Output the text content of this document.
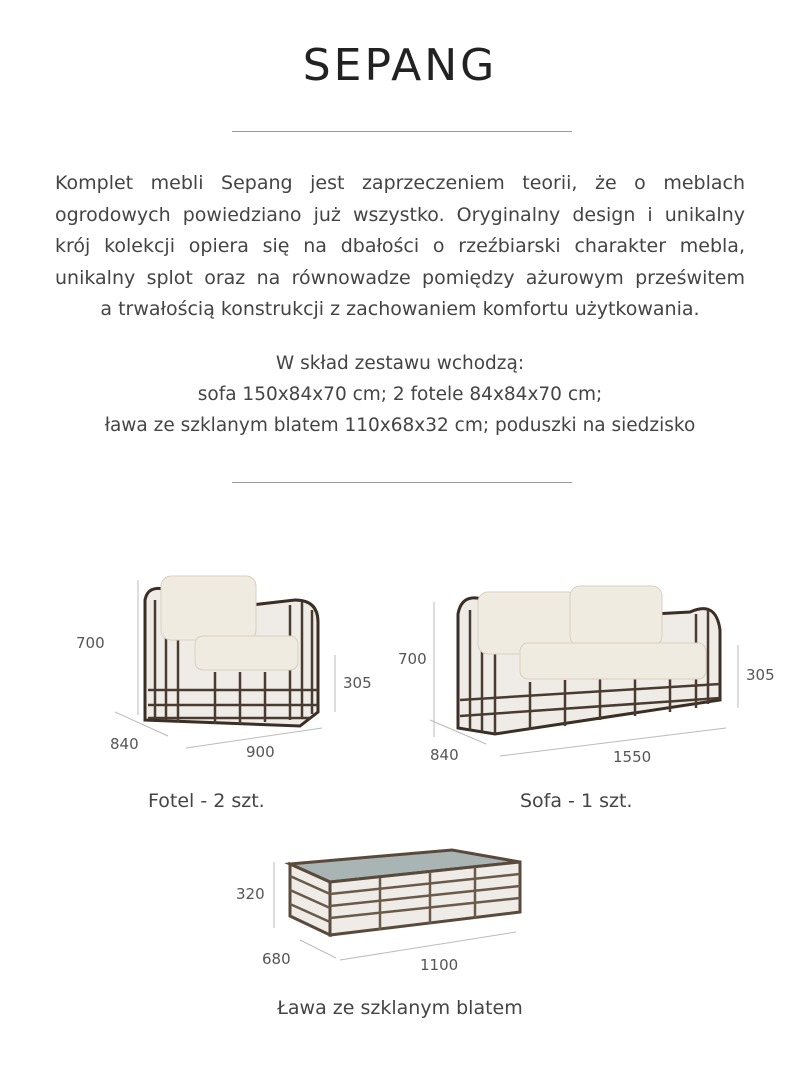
SEPANG
Komplet mebli Sepang jest zaprzeczeniem teorii, że o meblach
ogrodowych powiedziano już wszystko. Oryginalny design i unikalny
krój kolekcji opiera się na dbałości o rzeźbiarski charakter mebla,
unikalny splot oraz na równowadze pomiędzy ażurowym prześwitem
a trwałością konstrukcji z zachowaniem komfortu użytkowania.
W skład zestawu wchodzą:
sofa 150x84x70 cm; 2 fotele 84x84x70 cm;
ława ze szklanym blatem 110x68x32 cm; poduszki na siedzisko
700
305
840	900
Fotel - 2 szt.
700
305
840	1550
Sofa - 1 szt.
320
680	1100
Ława ze szklanym blatem
